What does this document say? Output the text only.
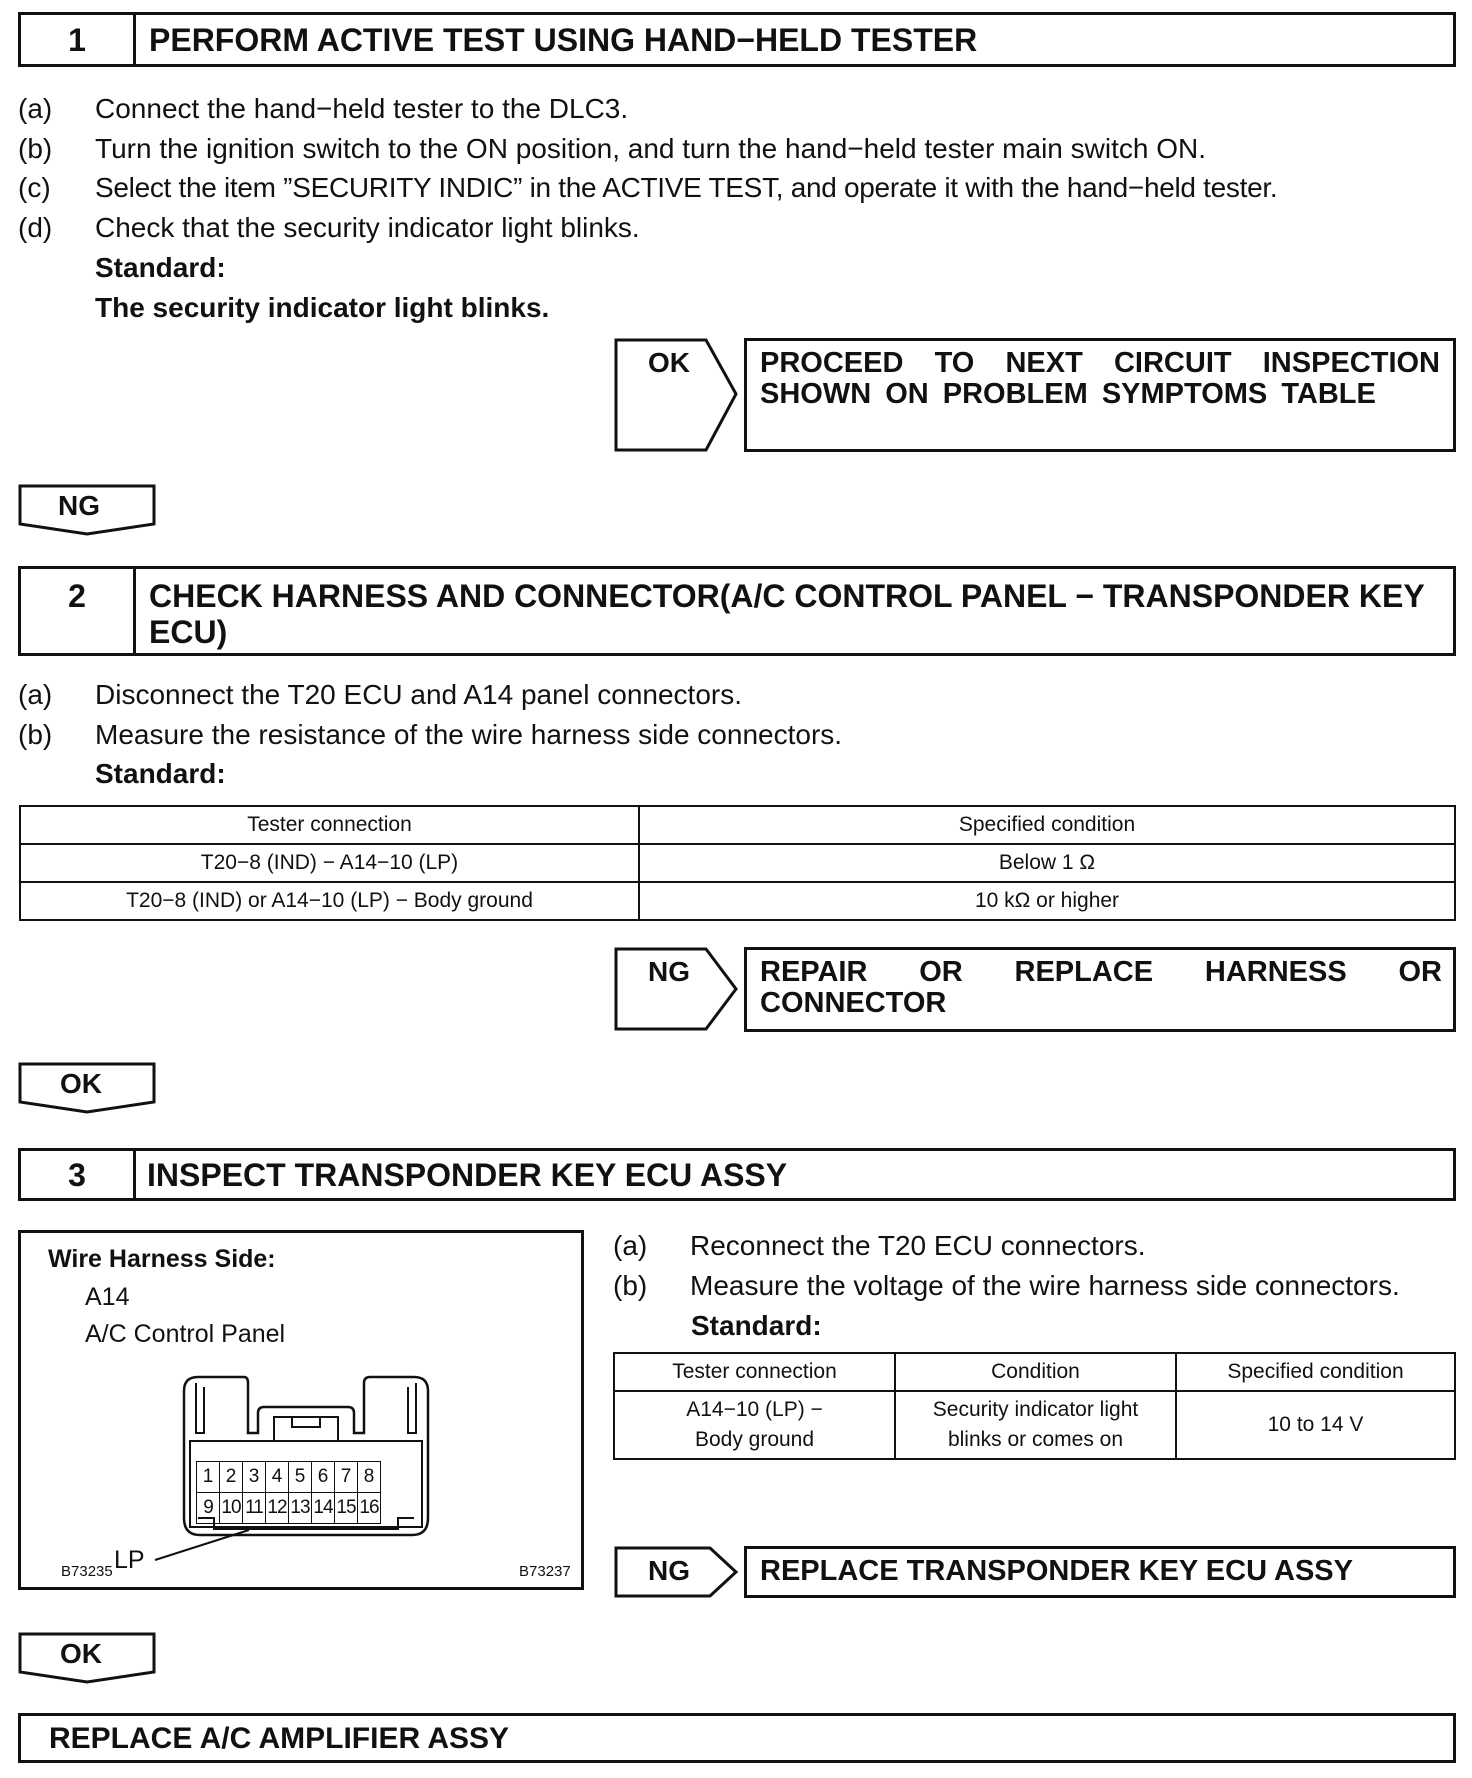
1	PERFORM ACTIVE TEST USING HAND−HELD TESTER
(a) Connect the hand−held tester to the DLC3.
(b) Turn the ignition switch to the ON position, and turn the hand−held tester main switch ON.
(c) Select the item ”SECURITY INDIC” in the ACTIVE TEST, and operate it with the hand−held tester.
(d) Check that the security indicator light blinks.
Standard:
The security indicator light blinks.
OK PROCEED TO NEXT CIRCUIT INSPECTION SHOWN ON PROBLEM SYMPTOMS TABLE
NG
2	CHECK HARNESS AND CONNECTOR(A/C CONTROL PANEL − TRANSPONDER KEY ECU)
(a) Disconnect the T20 ECU and A14 panel connectors.
(b) Measure the resistance of the wire harness side connectors.
Standard:
Tester connection	Specified condition
T20−8 (IND) − A14−10 (LP)	Below 1 Ω
T20−8 (IND) or A14−10 (LP) − Body ground	10 kΩ or higher
NG REPAIR OR REPLACE HARNESS OR CONNECTOR
OK
3	INSPECT TRANSPONDER KEY ECU ASSY
Wire Harness Side:
A14
A/C Control Panel
1	2	3	4	5	6	7	8
9	10	11	12	13	14	15	16
LP
B73235	B73237
(a) Reconnect the T20 ECU connectors.
(b) Measure the voltage of the wire harness side connectors.
Standard:
Tester connection	Condition	Specified condition
A14−10 (LP) − Body ground	Security indicator light blinks or comes on	10 to 14 V
NG REPLACE TRANSPONDER KEY ECU ASSY
OK
REPLACE A/C AMPLIFIER ASSY
